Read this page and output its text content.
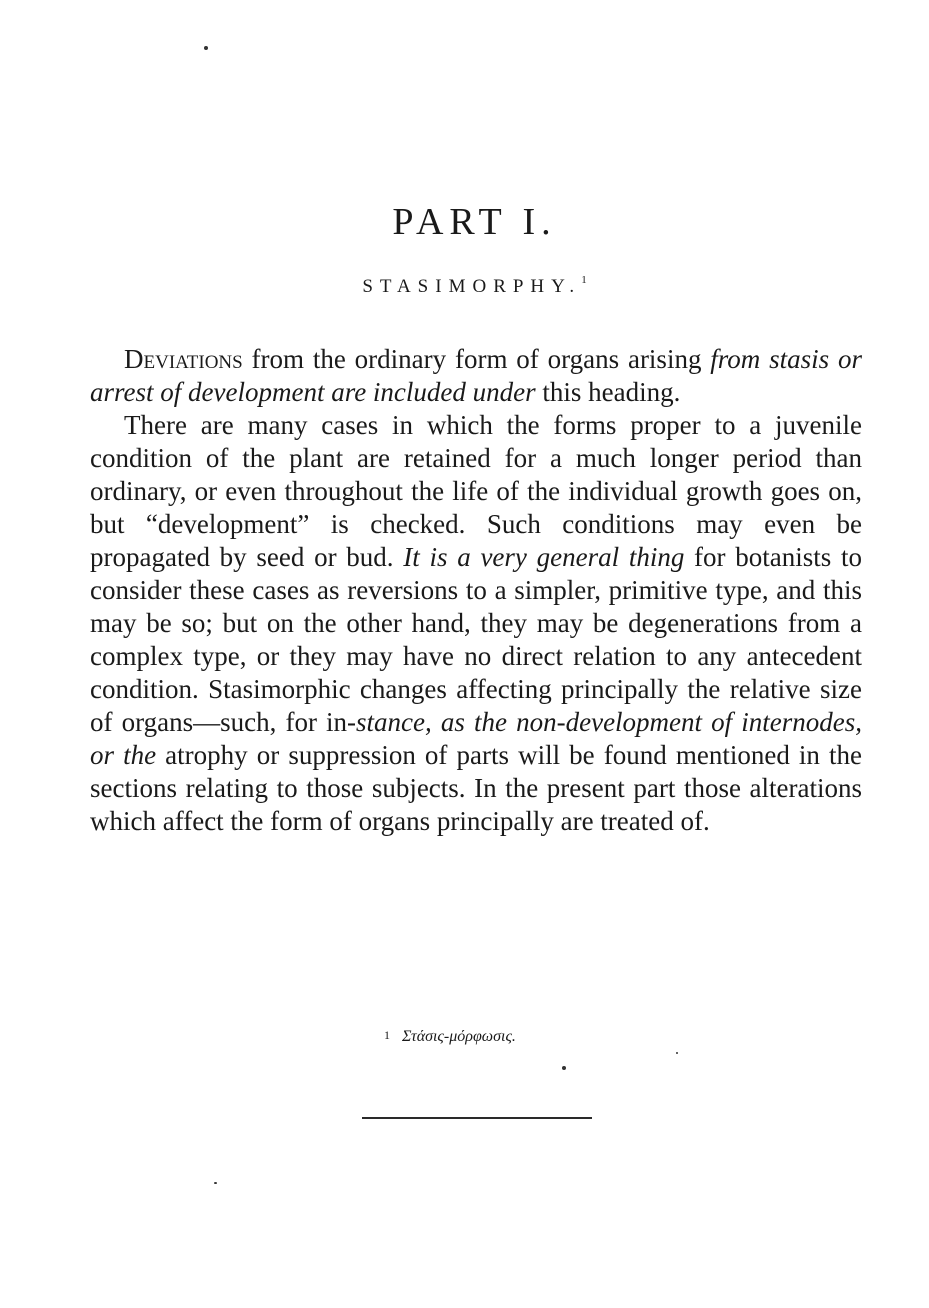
PART I.
STASIMORPHY.$^1$

Deviations from the ordinary form of organs arising from stasis or arrest of development are included under this heading.

There are many cases in which the forms proper to a juvenile condition of the plant are retained for a much longer period than ordinary, or even throughout the life of the individual growth goes on, but “development” is checked. Such conditions may even be propagated by seed or bud. It is a very general thing for botanists to consider these cases as reversions to a simpler, primitive type, and this may be so; but on the other hand, they may be degenerations from a complex type, or they may have no direct relation to any antecedent condition. Stasimorphic changes affecting principally the relative size of organs—such, for in-stance, as the non-development of internodes, or the atrophy or suppression of parts will be found mentioned in the sections relating to those subjects. In the present part those alterations which affect the form of organs principally are treated of.

$^1$ Στάσις-μόρφωσις.
